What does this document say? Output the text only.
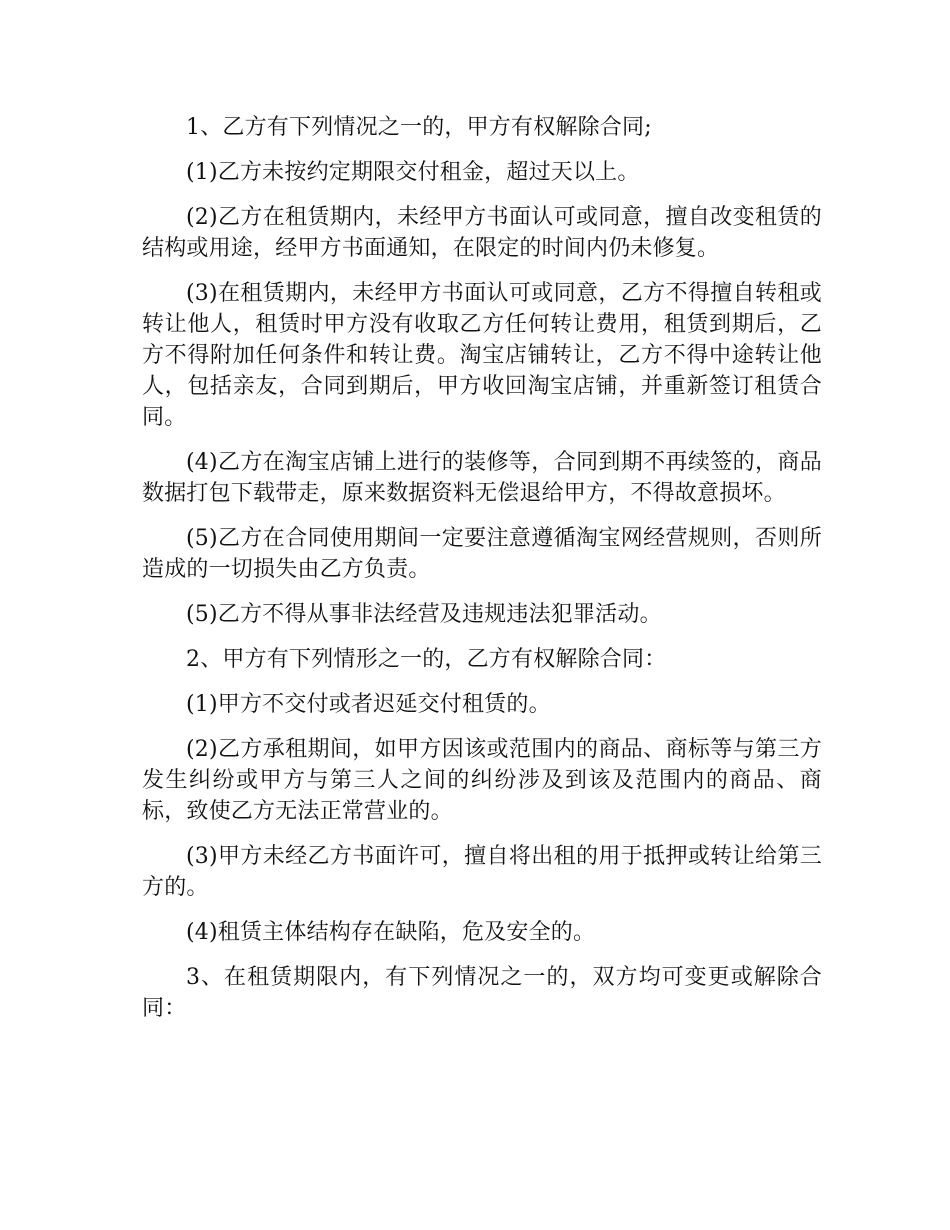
1、乙方有下列情况之一的，甲方有权解除合同;

(1)乙方未按约定期限交付租金，超过天以上。

(2)乙方在租赁期内，未经甲方书面认可或同意，擅自改变租赁的结构或用途，经甲方书面通知，在限定的时间内仍未修复。

(3)在租赁期内，未经甲方书面认可或同意，乙方不得擅自转租或转让他人，租赁时甲方没有收取乙方任何转让费用，租赁到期后，乙方不得附加任何条件和转让费。淘宝店铺转让，乙方不得中途转让他人，包括亲友，合同到期后，甲方收回淘宝店铺，并重新签订租赁合同。

(4)乙方在淘宝店铺上进行的装修等，合同到期不再续签的，商品数据打包下载带走，原来数据资料无偿退给甲方，不得故意损坏。

(5)乙方在合同使用期间一定要注意遵循淘宝网经营规则，否则所造成的一切损失由乙方负责。

(5)乙方不得从事非法经营及违规违法犯罪活动。

2、甲方有下列情形之一的，乙方有权解除合同：

(1)甲方不交付或者迟延交付租赁的。

(2)乙方承租期间，如甲方因该或范围内的商品、商标等与第三方发生纠纷或甲方与第三人之间的纠纷涉及到该及范围内的商品、商标，致使乙方无法正常营业的。

(3)甲方未经乙方书面许可，擅自将出租的用于抵押或转让给第三方的。

(4)租赁主体结构存在缺陷，危及安全的。

3、在租赁期限内，有下列情况之一的，双方均可变更或解除合同：
